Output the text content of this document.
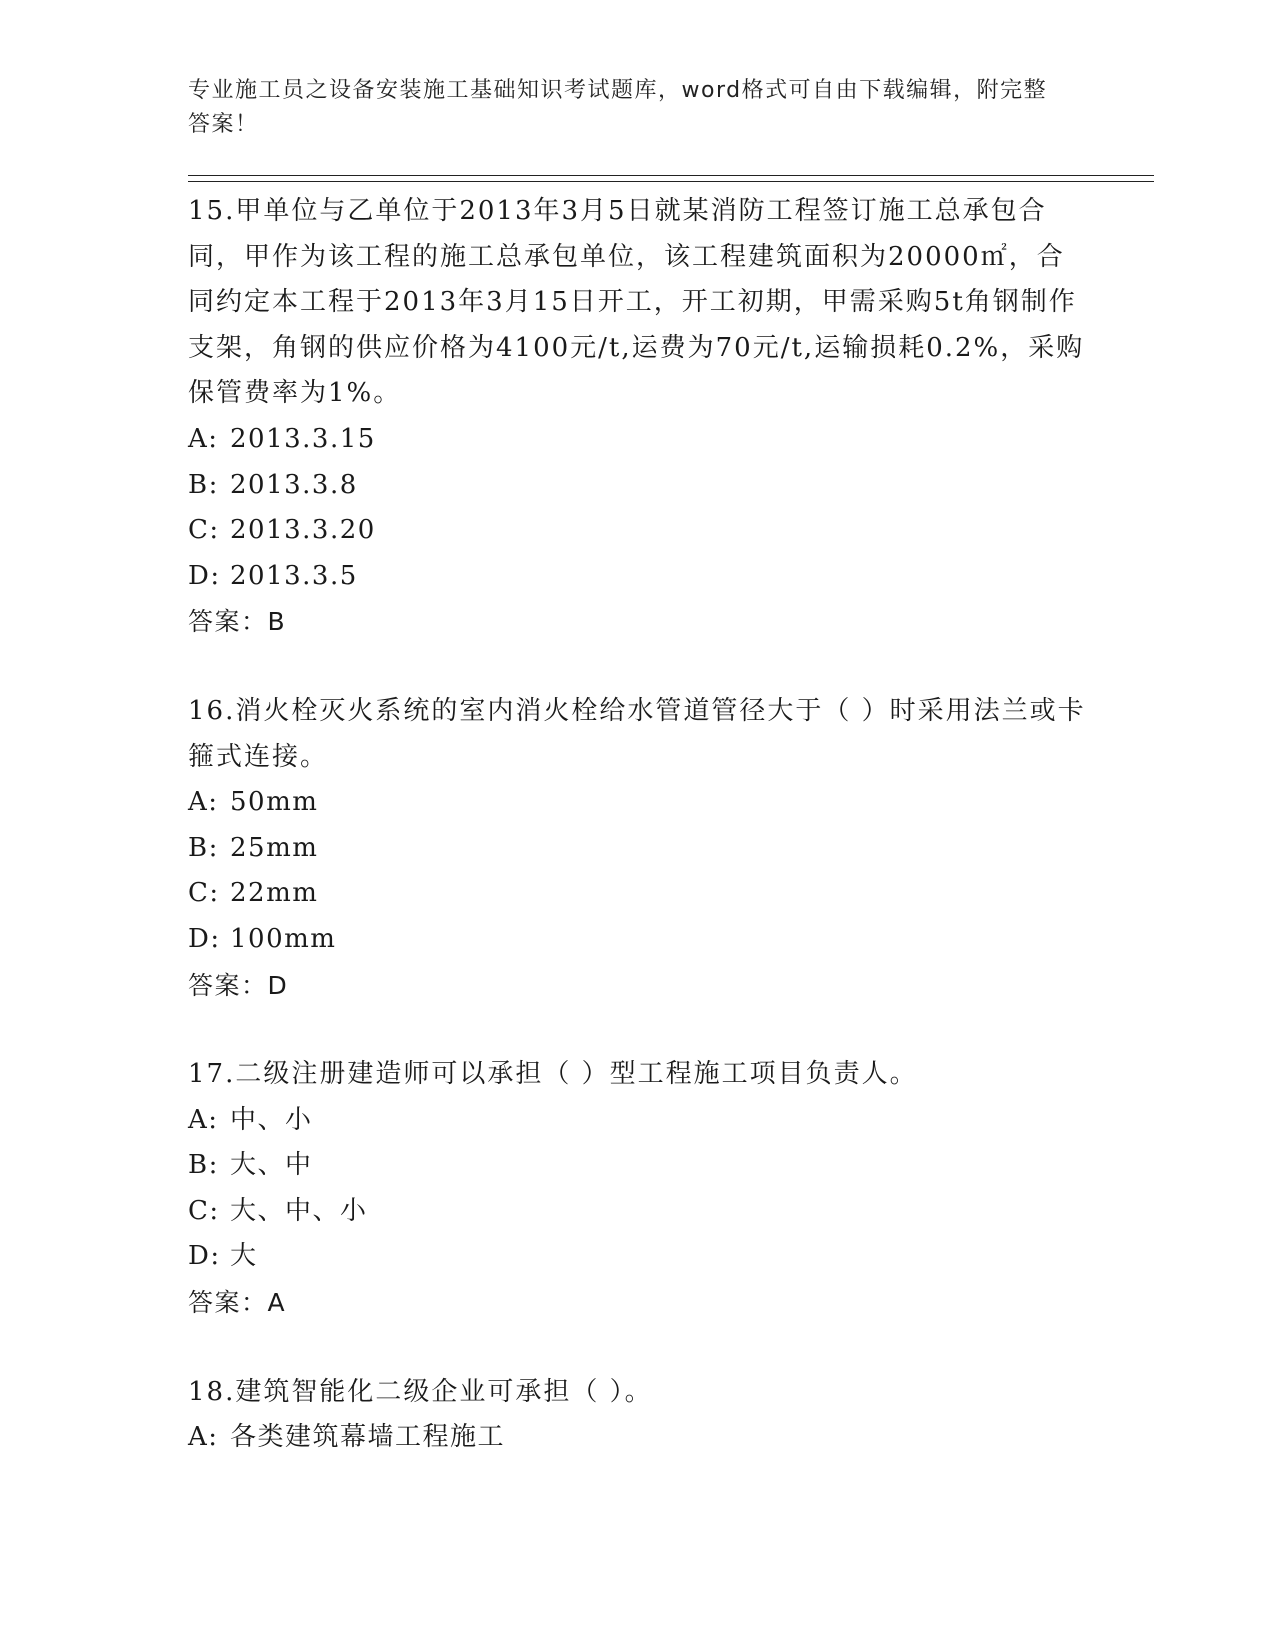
专业施工员之设备安装施工基础知识考试题库，word格式可自由下载编辑，附完整答案！

15.甲单位与乙单位于2013年3月5日就某消防工程签订施工总承包合同，甲作为该工程的施工总承包单位，该工程建筑面积为20000㎡，合同约定本工程于2013年3月15日开工，开工初期，甲需采购5t角钢制作支架，角钢的供应价格为4100元/t,运费为70元/t,运输损耗0.2%，采购保管费率为1%。

A: 2013.3.15
B: 2013.3.8
C: 2013.3.20
D: 2013.3.5
答案：B

16.消火栓灭火系统的室内消火栓给水管道管径大于（ ）时采用法兰或卡箍式连接。

A: 50mm
B: 25mm
C: 22mm
D: 100mm
答案：D

17.二级注册建造师可以承担（ ）型工程施工项目负责人。

A: 中、小
B: 大、中
C: 大、中、小
D: 大
答案：A

18.建筑智能化二级企业可承担（ ）。

A: 各类建筑幕墙工程施工
